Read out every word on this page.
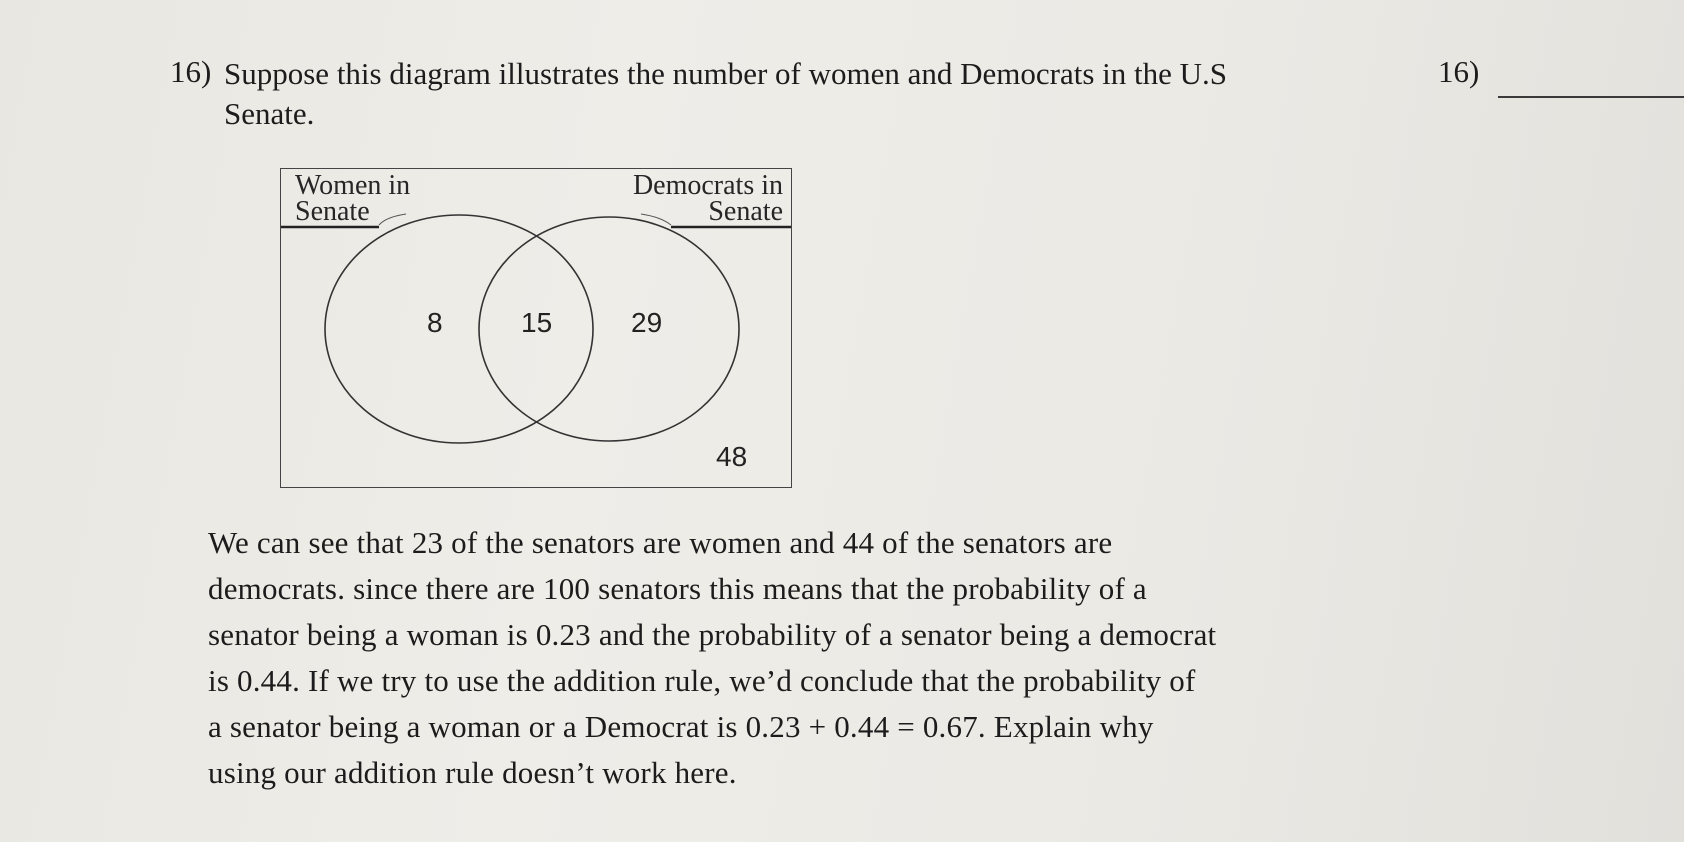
16) Suppose this diagram illustrates the number of women and Democrats in the U.S
Senate.
16)
Women in
Senate
Democrats in
Senate
8	15	29
48
We can see that 23 of the senators are women and 44 of the senators are
democrats. since there are 100 senators this means that the probability of a
senator being a woman is 0.23 and the probability of a senator being a democrat
is 0.44. If we try to use the addition rule, we’d conclude that the probability of
a senator being a woman or a Democrat is 0.23 + 0.44 = 0.67. Explain why
using our addition rule doesn’t work here.
